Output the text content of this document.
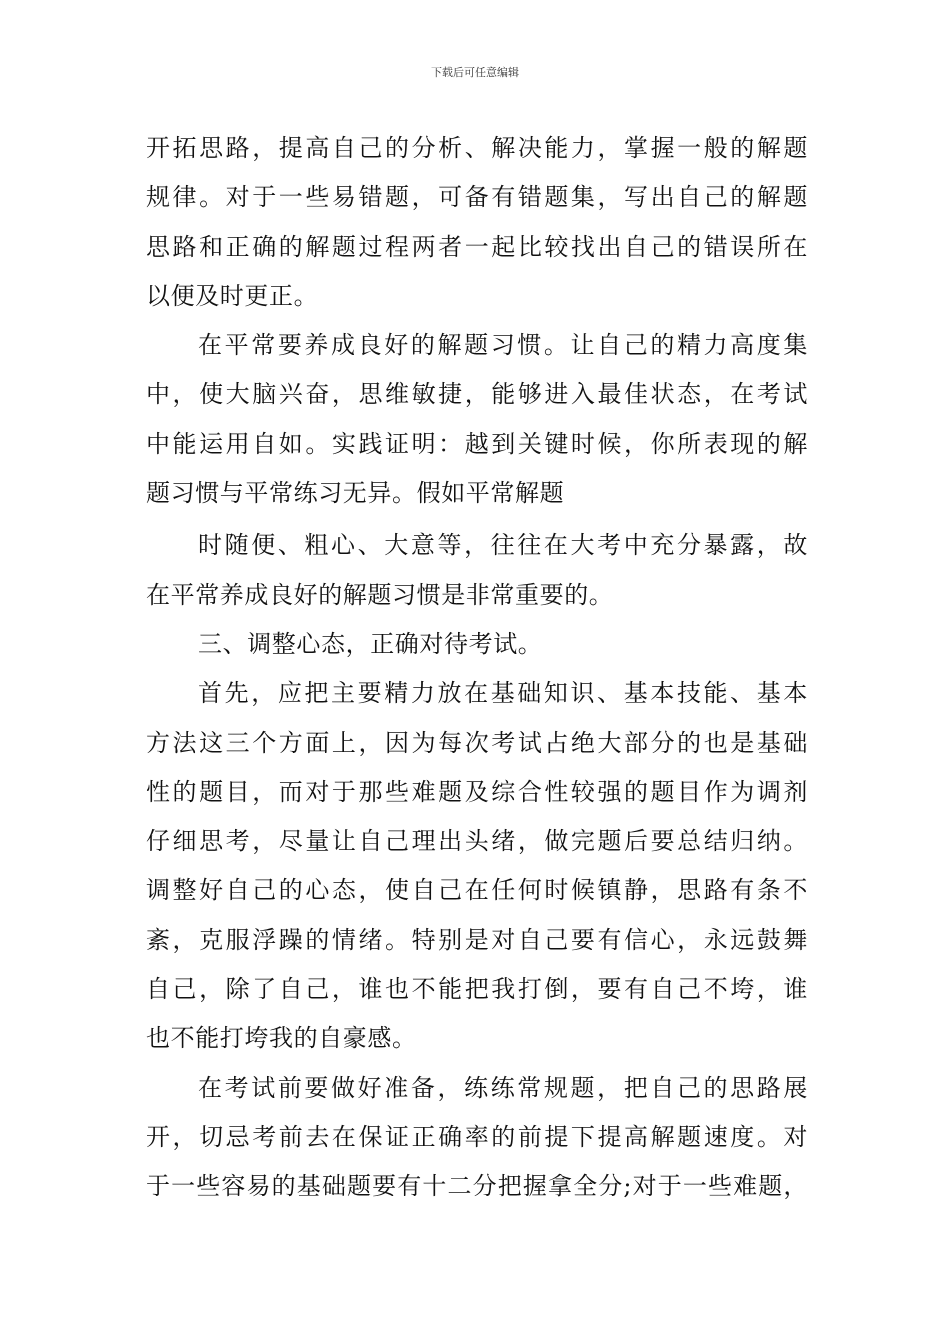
下载后可任意编辑
开拓思路，提高自己的分析、解决能力，掌握一般的解题
规律。对于一些易错题，可备有错题集，写出自己的解题
思路和正确的解题过程两者一起比较找出自己的错误所在
以便及时更正。
在平常要养成良好的解题习惯。让自己的精力高度集
中，使大脑兴奋，思维敏捷，能够进入最佳状态，在考试
中能运用自如。实践证明：越到关键时候，你所表现的解
题习惯与平常练习无异。假如平常解题
时随便、粗心、大意等，往往在大考中充分暴露，故
在平常养成良好的解题习惯是非常重要的。
三、调整心态，正确对待考试。
首先，应把主要精力放在基础知识、基本技能、基本
方法这三个方面上，因为每次考试占绝大部分的也是基础
性的题目，而对于那些难题及综合性较强的题目作为调剂
仔细思考，尽量让自己理出头绪，做完题后要总结归纳。
调整好自己的心态，使自己在任何时候镇静，思路有条不
紊，克服浮躁的情绪。特别是对自己要有信心，永远鼓舞
自己，除了自己，谁也不能把我打倒，要有自己不垮，谁
也不能打垮我的自豪感。
在考试前要做好准备，练练常规题，把自己的思路展
开，切忌考前去在保证正确率的前提下提高解题速度。对
于一些容易的基础题要有十二分把握拿全分;对于一些难题，
